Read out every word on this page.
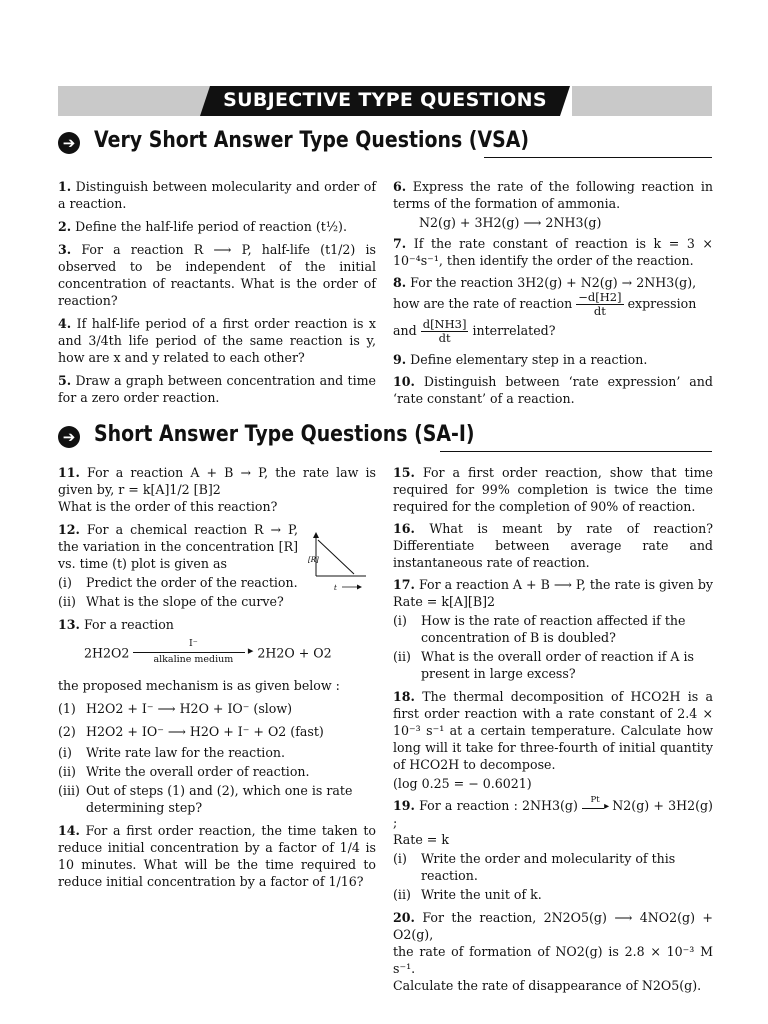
SUBJECTIVE TYPE QUESTIONS
➔ Very Short Answer Type Questions (VSA)
1. Distinguish between molecularity and order of a reaction.
2. Define the half-life period of reaction (t½).
3. For a reaction R ⟶ P, half-life (t1/2) is observed to be independent of the initial concentration of reactants. What is the order of reaction?
4. If half-life period of a first order reaction is x and 3/4th life period of the same reaction is y, how are x and y related to each other?
5. Draw a graph between concentration and time for a zero order reaction.
6. Express the rate of the following reaction in terms of the formation of ammonia.
N2(g) + 3H2(g) ⟶ 2NH3(g)
7. If the rate constant of reaction is k = 3 × 10⁻⁴s⁻¹, then identify the order of the reaction.
8. For the reaction 3H2(g) + N2(g) → 2NH3(g),
how are the rate of reaction $\frac{-d[H2]}{dt}$ expression
and $\frac{d[NH3]}{dt}$ interrelated?
9. Define elementary step in a reaction.
10. Distinguish between ‘rate expression’ and ‘rate constant’ of a reaction.
➔ Short Answer Type Questions (SA-I)
11. For a reaction A + B → P, the rate law is given by, r = k[A]1/2 [B]2
What is the order of this reaction?
12. For a chemical reaction R → P, the variation in the concentration [R] vs. time (t) plot is given as
(i) Predict the order of the reaction.
(ii) What is the slope of the curve?
13. For a reaction
2H2O2
I⁻
▸
alkaline medium	2H2O + O2
the proposed mechanism is as given below :
(1) H2O2 + I⁻ ⟶ H2O + IO⁻ (slow)
(2) H2O2 + IO⁻ ⟶ H2O + I⁻ + O2 (fast)
(i) Write rate law for the reaction.
(ii) Write the overall order of reaction.
(iii) Out of steps (1) and (2), which one is rate determining step?
14. For a first order reaction, the time taken to reduce initial concentration by a factor of 1/4 is 10 minutes. What will be the time required to reduce initial concentration by a factor of 1/16?
[R]
t
15. For a first order reaction, show that time required for 99% completion is twice the time required for the completion of 90% of reaction.
16. What is meant by rate of reaction? Differentiate between average rate and instantaneous rate of reaction.
17. For a reaction A + B ⟶ P, the rate is given by Rate = k[A][B]2
(i) How is the rate of reaction affected if the concentration of B is doubled?
(ii) What is the overall order of reaction if A is present in large excess?
18. The thermal decomposition of HCO2H is a first order reaction with a rate constant of 2.4 × 10⁻³ s⁻¹ at a certain temperature. Calculate how long will it take for three-fourth of initial quantity of HCO2H to decompose.
(log 0.25 = − 0.6021)
19. For a reaction : 2NH3(g)	Pt
▸ N2(g) + 3H2(g) ;
Rate = k
(i) Write the order and molecularity of this reaction.
(ii) Write the unit of k.
20. For the reaction, 2N2O5(g) ⟶ 4NO2(g) + O2(g),
the rate of formation of NO2(g) is 2.8 × 10⁻³ M s⁻¹.
Calculate the rate of disappearance of N2O5(g).
